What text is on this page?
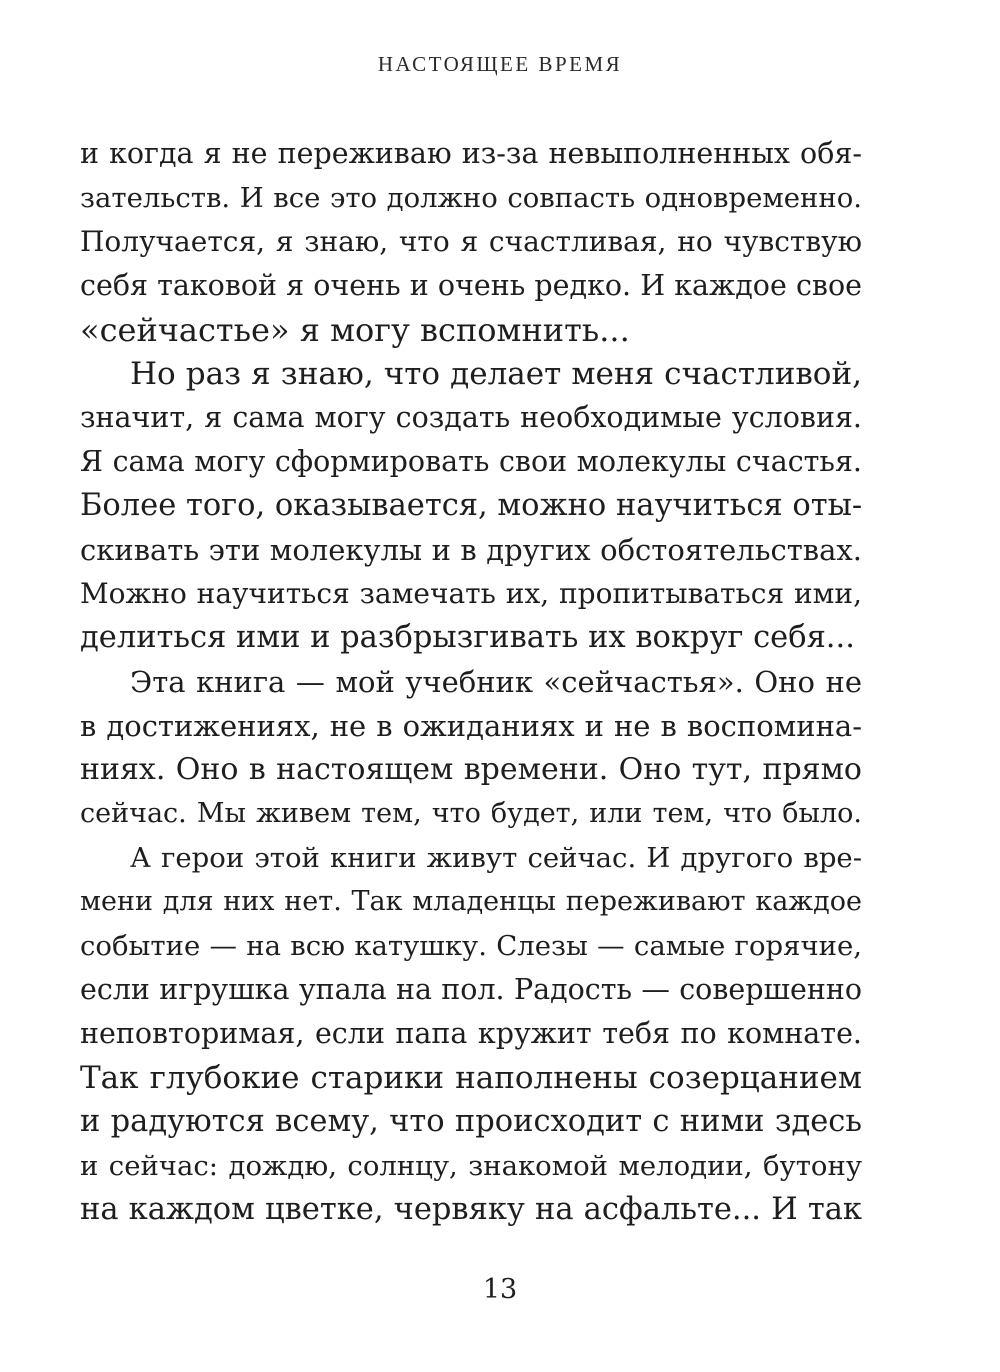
НАСТОЯЩЕЕ ВРЕМЯ
и когда я не переживаю из-за невыполненных обя-
зательств. И все это должно совпасть одновременно.
Получается, я знаю, что я счастливая, но чувствую
себя таковой я очень и очень редко. И каждое свое
«сейчастье» я могу вспомнить...
Но раз я знаю, что делает меня счастливой,
значит, я сама могу создать необходимые условия.
Я сама могу сформировать свои молекулы счастья.
Более того, оказывается, можно научиться оты-
скивать эти молекулы и в других обстоятельствах.
Можно научиться замечать их, пропитываться ими,
делиться ими и разбрызгивать их вокруг себя...
Эта книга — мой учебник «сейчастья». Оно не
в достижениях, не в ожиданиях и не в воспомина-
ниях. Оно в настоящем времени. Оно тут, прямо
сейчас. Мы живем тем, что будет, или тем, что было.
А герои этой книги живут сейчас. И другого вре-
мени для них нет. Так младенцы переживают каждое
событие — на всю катушку. Слезы — самые горячие,
если игрушка упала на пол. Радость — совершенно
неповторимая, если папа кружит тебя по комнате.
Так глубокие старики наполнены созерцанием
и радуются всему, что происходит с ними здесь
и сейчас: дождю, солнцу, знакомой мелодии, бутону
на каждом цветке, червяку на асфальте... И так
13
